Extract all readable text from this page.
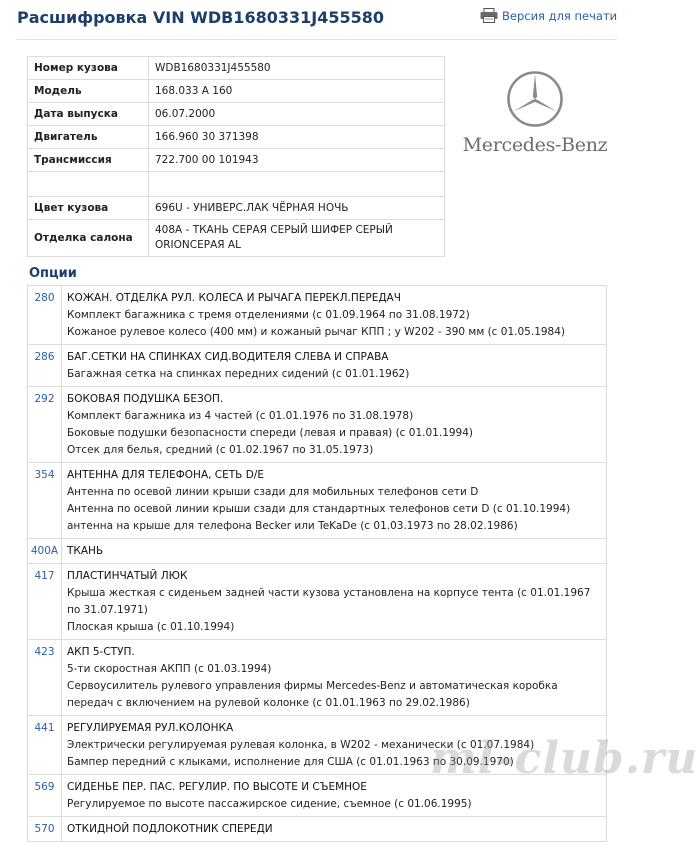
Расшифровка VIN WDB1680331J455580	Версия для печати
Номер кузова	WDB1680331J455580
Модель	168.033 A 160
Дата выпуска	06.07.2000
Двигатель	166.960 30 371398
Трансмиссия	722.700 00 101943

Цвет кузова	696U - УНИВЕРС.ЛАК ЧЁРНАЯ НОЧЬ
Отделка салона	408A - ТКАНЬ СЕРАЯ СЕРЫЙ ШИФЕР СЕРЫЙ ORIONСЕРАЯ AL
Mercedes-Benz
Опции
280	КОЖАН. ОТДЕЛКА РУЛ. КОЛЕСА И РЫЧАГА ПЕРЕКЛ.ПЕРЕДАЧ
Комплект багажника с тремя отделениями (с 01.09.1964 по 31.08.1972)
Кожаное рулевое колесо (400 мм) и кожаный рычаг КПП ; у W202 - 390 мм (с 01.05.1984)

286	БАГ.СЕТКИ НА СПИНКАХ СИД.ВОДИТЕЛЯ СЛЕВА И СПРАВА
Багажная сетка на спинках передних сидений (с 01.01.1962)

292	БОКОВАЯ ПОДУШКА БЕЗОП.
Комплект багажника из 4 частей (с 01.01.1976 по 31.08.1978)
Боковые подушки безопасности спереди (левая и правая) (с 01.01.1994)
Отсек для белья, средний (с 01.02.1967 по 31.05.1973)

354	АНТЕННА ДЛЯ ТЕЛЕФОНА, СЕТЬ D/E
Антенна по осевой линии крыши сзади для мобильных телефонов сети D
Антенна по осевой линии крыши сзади для стандартных телефонов сети D (с 01.10.1994)
антенна на крыше для телефона Becker или TeKaDe (с 01.03.1973 по 28.02.1986)

400A	ТКАНЬ

417	ПЛАСТИНЧАТЫЙ ЛЮК
Крыша жесткая с сиденьем задней части кузова установлена на корпусе тента (с 01.01.1967 по 31.07.1971)
Плоская крыша (с 01.10.1994)

423	АКП 5-СТУП.
5-ти скоростная АКПП (с 01.03.1994)
Сервоусилитель рулевого управления фирмы Mercedes-Benz и автоматическая коробка передач с включением на рулевой колонке (с 01.01.1963 по 29.02.1986)

441	РЕГУЛИРУЕМАЯ РУЛ.КОЛОНКА
Электрически регулируемая рулевая колонка, в W202 - механически (с 01.07.1984)
Бампер передний с клыками, исполнение для США (с 01.01.1963 по 30.09.1970)

569	СИДЕНЬЕ ПЕР. ПАС. РЕГУЛИР. ПО ВЫСОТЕ И СЪЕМНОЕ
Регулируемое по высоте пассажирское сидение, съемное (с 01.06.1995)

570	ОТКИДНОЙ ПОДЛОКОТНИК СПЕРЕДИ
ml-club.ru
